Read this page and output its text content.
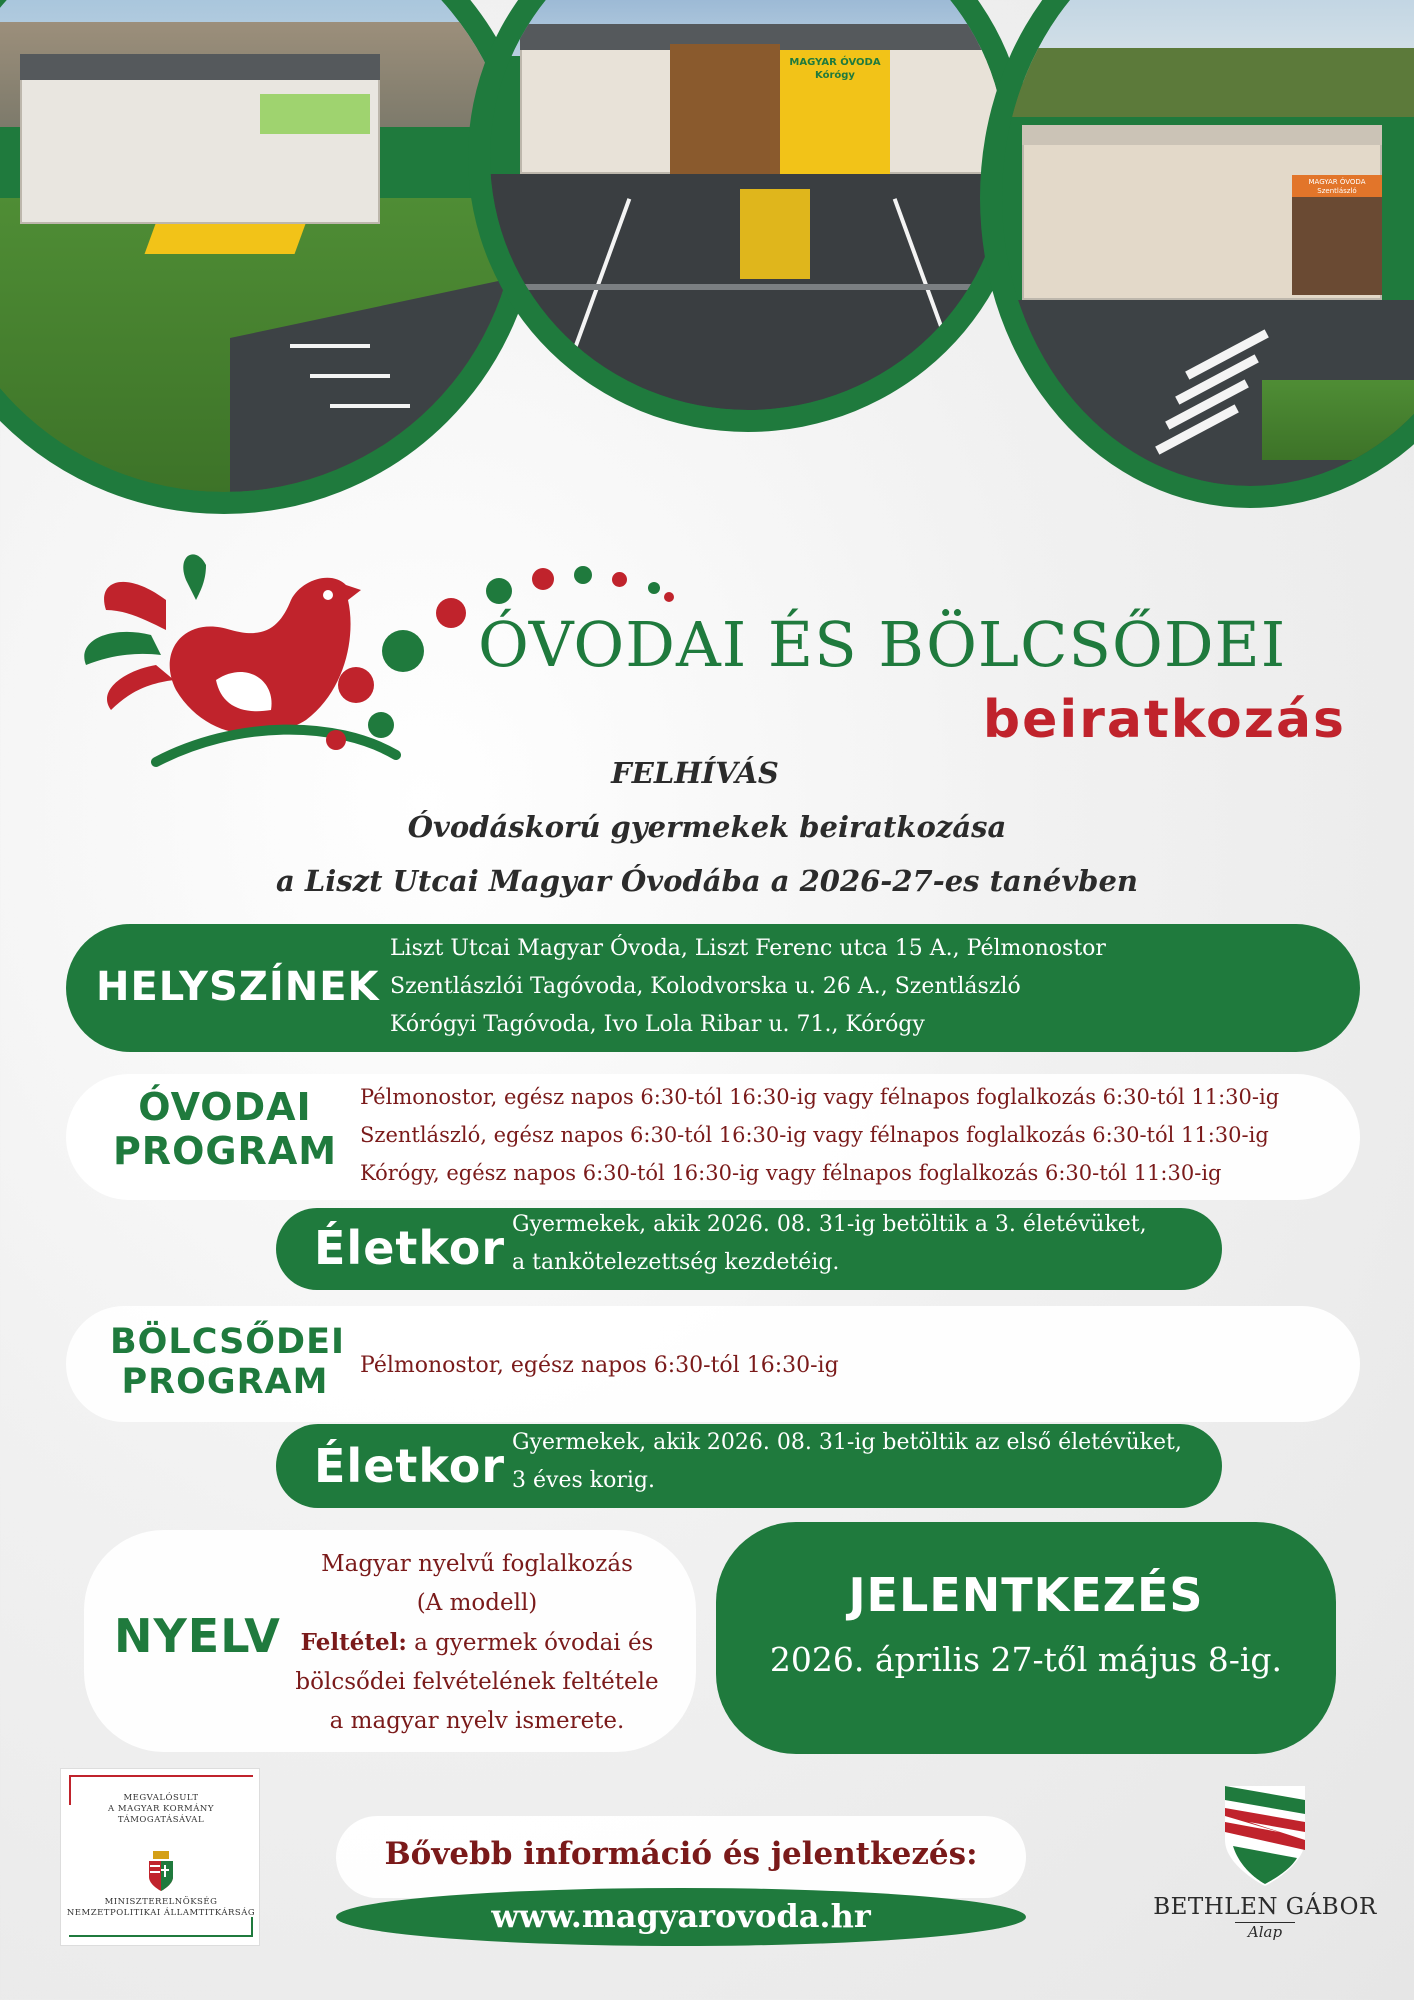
MAGYAR ÓVODA
Kórógy
MAGYAR ÓVODA
Szentlászló
ÓVODAI ÉS BÖLCSŐDEI
beiratkozás
FELHÍVÁS
Óvodáskorú gyermekek beiratkozása
a Liszt Utcai Magyar Óvodába a 2026-27-es tanévben
HELYSZÍNEK
Liszt Utcai Magyar Óvoda, Liszt Ferenc utca 15 A., Pélmonostor
Szentlászlói Tagóvoda, Kolodvorska u. 26 A., Szentlászló
Kórógyi Tagóvoda, Ivo Lola Ribar u. 71., Kórógy
ÓVODAI
PROGRAM
Pélmonostor, egész napos 6:30-tól 16:30-ig vagy félnapos foglalkozás 6:30-tól 11:30-ig
Szentlászló, egész napos 6:30-tól 16:30-ig vagy félnapos foglalkozás 6:30-tól 11:30-ig
Kórógy, egész napos 6:30-tól 16:30-ig vagy félnapos foglalkozás 6:30-tól 11:30-ig
Életkor Gyermekek, akik 2026. 08. 31-ig betöltik a 3. életévüket,
a tankötelezettség kezdetéig.
BÖLCSŐDEI
PROGRAM	Pélmonostor, egész napos 6:30-tól 16:30-ig
Életkor Gyermekek, akik 2026. 08. 31-ig betöltik az első életévüket,
3 éves korig.
NYELV
Magyar nyelvű foglalkozás
(A modell)
Feltétel: a gyermek óvodai és
bölcsődei felvételének feltétele
a magyar nyelv ismerete.
JELENTKEZÉS
2026. április 27-től május 8-ig.
MEGVALÓSULT
A MAGYAR KORMÁNY
TÁMOGATÁSÁVAL
MINISZTERELNÖKSÉG
NEMZETPOLITIKAI ÁLLAMTITKÁRSÁG
Bővebb információ és jelentkezés:
www.magyarovoda.hr	BETHLEN GÁBOR
Alap
